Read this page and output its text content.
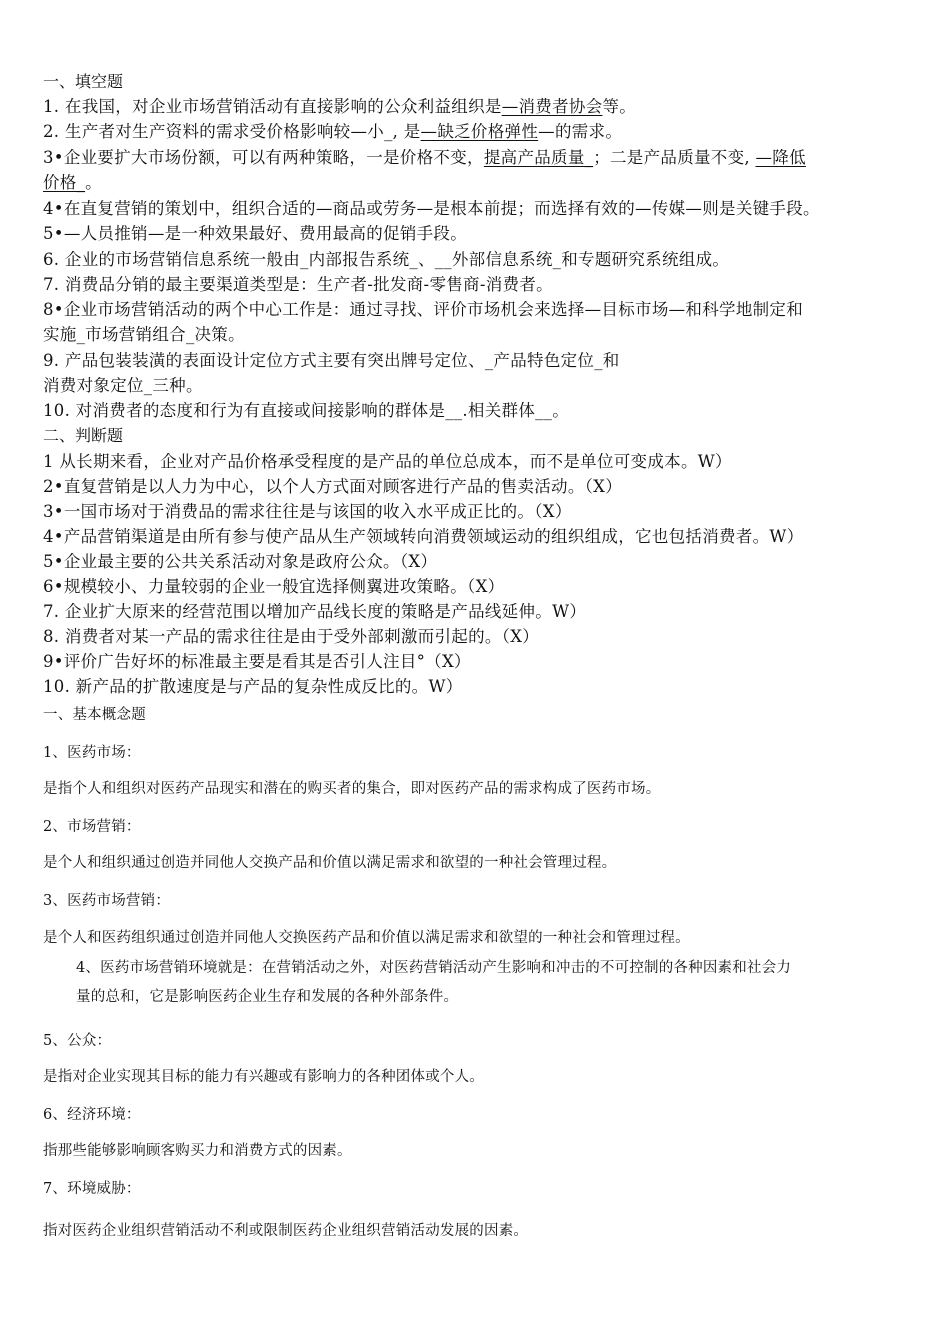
一、填空题
1. 在我国，对企业市场营销活动有直接影响的公众利益组织是—消费者协会等。
2. 生产者对生产资料的需求受价格影响较—小_, 是—缺乏价格弹性—的需求。
3•企业要扩大市场份额，可以有两种策略，一是价格不变，提高产品质量_；二是产品质量不变, —降低
价格_。
4•在直复营销的策划中，组织合适的—商品或劳务—是根本前提；而选择有效的—传媒—则是关键手段。
5•—人员推销—是一种效果最好、费用最高的促销手段。
6. 企业的市场营销信息系统一般由_内部报告系统_、__外部信息系统_和专题研究系统组成。
7. 消费品分销的最主要渠道类型是：生产者-批发商-零售商-消费者。
8•企业市场营销活动的两个中心工作是：通过寻找、评价市场机会来选择—目标市场—和科学地制定和
实施_市场营销组合_决策。
9. 产品包装装潢的表面设计定位方式主要有突出牌号定位、_产品特色定位_和
消费对象定位_三种。
10. 对消费者的态度和行为有直接或间接影响的群体是__.相关群体__。
二、判断题
1 从长期来看，企业对产品价格承受程度的是产品的单位总成本，而不是单位可变成本。W）
2•直复营销是以人力为中心，以个人方式面对顾客进行产品的售卖活动。（X）
3•一国市场对于消费品的需求往往是与该国的收入水平成正比的。（X）
4•产品营销渠道是由所有参与使产品从生产领域转向消费领域运动的组织组成，它也包括消费者。W）
5•企业最主要的公共关系活动对象是政府公众。（X）
6•规模较小、力量较弱的企业一般宜选择侧翼进攻策略。（X）
7. 企业扩大原来的经营范围以增加产品线长度的策略是产品线延伸。W）
8. 消费者对某一产品的需求往往是由于受外部刺激而引起的。（X）
9•评价广告好坏的标准最主要是看其是否引人注目°（X）
10. 新产品的扩散速度是与产品的复杂性成反比的。W）
一、基本概念题
1、医药市场：
是指个人和组织对医药产品现实和潜在的购买者的集合，即对医药产品的需求构成了医药市场。
2、市场营销：
是个人和组织通过创造并同他人交换产品和价值以满足需求和欲望的一种社会管理过程。
3、医药市场营销：
是个人和医药组织通过创造并同他人交换医药产品和价值以满足需求和欲望的一种社会和管理过程。
4、医药市场营销环境就是：在营销活动之外，对医药营销活动产生影响和冲击的不可控制的各种因素和社会力
量的总和，它是影响医药企业生存和发展的各种外部条件。
5、公众：
是指对企业实现其目标的能力有兴趣或有影响力的各种团体或个人。
6、经济环境：
指那些能够影响顾客购买力和消费方式的因素。
7、环境威胁：
指对医药企业组织营销活动不利或限制医药企业组织营销活动发展的因素。
